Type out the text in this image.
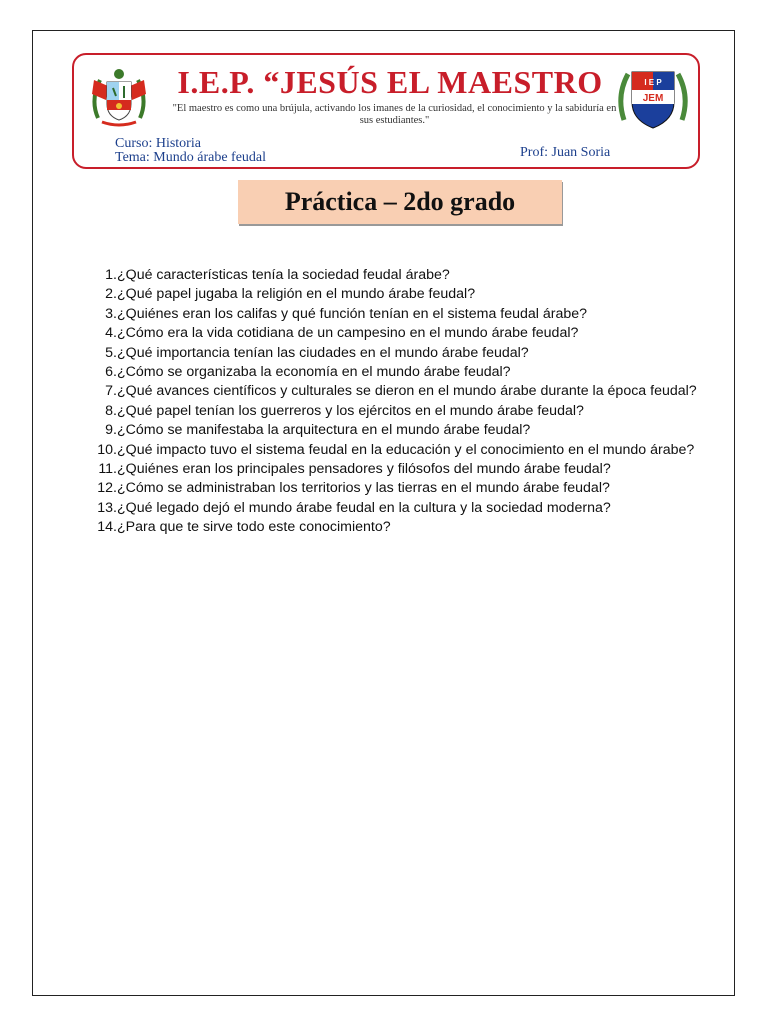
I E P
JEM
I.E.P. “JESÚS EL MAESTRO
"El maestro es como una brújula, activando los imanes de la curiosidad, el conocimiento y la sabiduría en sus estudiantes."
Curso: Historia
Tema: Mundo árabe feudal	Prof: Juan Soria
Práctica – 2do grado
1. ¿Qué características tenía la sociedad feudal árabe?
2. ¿Qué papel jugaba la religión en el mundo árabe feudal?
3. ¿Quiénes eran los califas y qué función tenían en el sistema feudal árabe?
4. ¿Cómo era la vida cotidiana de un campesino en el mundo árabe feudal?
5. ¿Qué importancia tenían las ciudades en el mundo árabe feudal?
6. ¿Cómo se organizaba la economía en el mundo árabe feudal?
7. ¿Qué avances científicos y culturales se dieron en el mundo árabe durante la época feudal?
8. ¿Qué papel tenían los guerreros y los ejércitos en el mundo árabe feudal?
9. ¿Cómo se manifestaba la arquitectura en el mundo árabe feudal?
10. ¿Qué impacto tuvo el sistema feudal en la educación y el conocimiento en el mundo árabe?
11. ¿Quiénes eran los principales pensadores y filósofos del mundo árabe feudal?
12. ¿Cómo se administraban los territorios y las tierras en el mundo árabe feudal?
13. ¿Qué legado dejó el mundo árabe feudal en la cultura y la sociedad moderna?
14. ¿Para que te sirve todo este conocimiento?
